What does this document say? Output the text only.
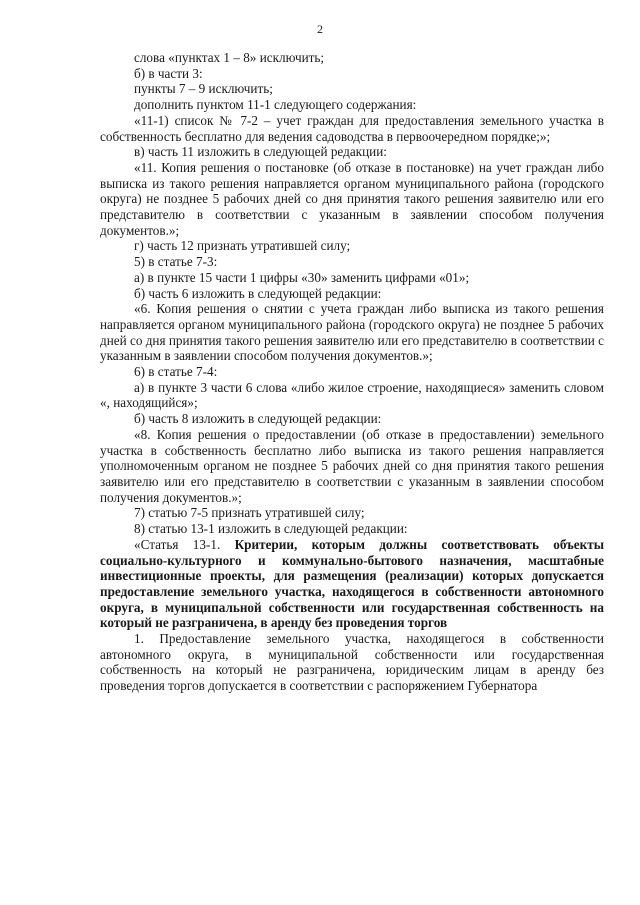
2

слова «пунктах 1 – 8» исключить;

б) в части 3:

пункты 7 – 9 исключить;

дополнить пунктом 11-1 следующего содержания:

«11-1) список № 7-2 – учет граждан для предоставления земельного участка в собственность бесплатно для ведения садоводства в первоочередном порядке;»;

в) часть 11 изложить в следующей редакции:

«11. Копия решения о постановке (об отказе в постановке) на учет граждан либо выписка из такого решения направляется органом муниципального района (городского округа) не позднее 5 рабочих дней со дня принятия такого решения заявителю или его представителю в соответствии с указанным в заявлении способом получения документов.»;

г) часть 12 признать утратившей силу;

5) в статье 7-3:

а) в пункте 15 части 1 цифры «30» заменить цифрами «01»;

б) часть 6 изложить в следующей редакции:

«6. Копия решения о снятии с учета граждан либо выписка из такого решения направляется органом муниципального района (городского округа) не позднее 5 рабочих дней со дня принятия такого решения заявителю или его представителю в соответствии с указанным в заявлении способом получения документов.»;

6) в статье 7-4:

а) в пункте 3 части 6 слова «либо жилое строение, находящиеся» заменить словом «, находящийся»;

б) часть 8 изложить в следующей редакции:

«8. Копия решения о предоставлении (об отказе в предоставлении) земельного участка в собственность бесплатно либо выписка из такого решения направляется уполномоченным органом не позднее 5 рабочих дней со дня принятия такого решения заявителю или его представителю в соответствии с указанным в заявлении способом получения документов.»;

7) статью 7-5 признать утратившей силу;

8) статью 13-1 изложить в следующей редакции:

«Статья 13-1. Критерии, которым должны соответствовать объекты социально-культурного и коммунально-бытового назначения, масштабные инвестиционные проекты, для размещения (реализации) которых допускается предоставление земельного участка, находящегося в собственности автономного округа, в муниципальной собственности или государственная собственность на который не разграничена, в аренду без проведения торгов

1. Предоставление земельного участка, находящегося в собственности автономного округа, в муниципальной собственности или государственная собственность на который не разграничена, юридическим лицам в аренду без проведения торгов допускается в соответствии с распоряжением Губернатора
